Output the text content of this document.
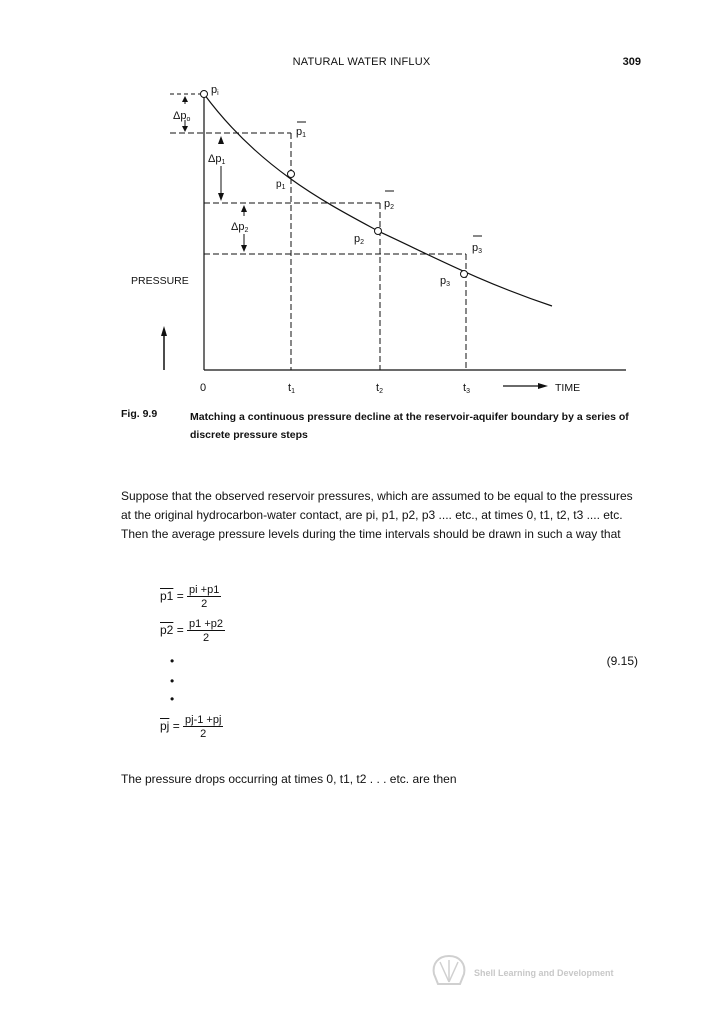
NATURAL WATER INFLUX	309
PRESSURE
TIME
0	t1	t2	t3
pi
p1
$p_1$
p2
p2	p3
p3
Δpo
Δp1
Δp2
Fig. 9.9	Matching a continuous pressure decline at the reservoir-aquifer boundary by a series of discrete pressure steps
Suppose that the observed reservoir pressures, which are assumed to be equal to the pressures at the original hydrocarbon-water contact, are pi, p1, p2, p3 .... etc., at times 0, t1, t2, t3 .... etc. Then the average pressure levels during the time intervals should be drawn in such a way that
$p1 = \frac{pi +p1}{2}$
$p2 = \frac{p1 +p2}{2}$
•
•
•
(9.15)
$\overline{pj} = \frac{pj-1 +pj}{2}$
The pressure drops occurring at times 0, t1, t2 . . . etc. are then
Shell Learning and Development
